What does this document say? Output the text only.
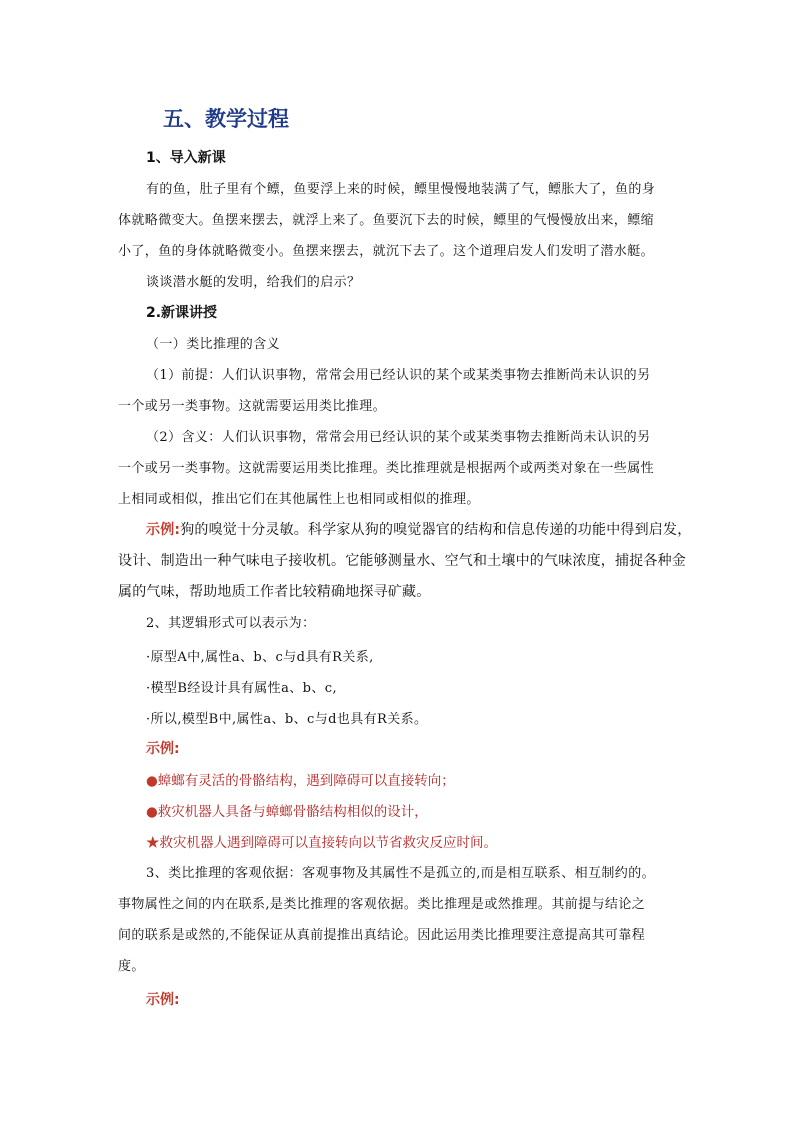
五、教学过程
1、导入新课
有的鱼，肚子里有个鳔，鱼要浮上来的时候，鳔里慢慢地装满了气，鳔胀大了，鱼的身
体就略微变大。鱼摆来摆去，就浮上来了。鱼要沉下去的时候，鳔里的气慢慢放出来，鳔缩
小了，鱼的身体就略微变小。鱼摆来摆去，就沉下去了。这个道理启发人们发明了潜水艇。
谈谈潜水艇的发明，给我们的启示？
2.新课讲授
（一）类比推理的含义
（1）前提：人们认识事物，常常会用已经认识的某个或某类事物去推断尚未认识的另
一个或另一类事物。这就需要运用类比推理。
（2）含义：人们认识事物，常常会用已经认识的某个或某类事物去推断尚未认识的另
一个或另一类事物。这就需要运用类比推理。类比推理就是根据两个或两类对象在一些属性
上相同或相似，推出它们在其他属性上也相同或相似的推理。
示例:狗的嗅觉十分灵敏。科学家从狗的嗅觉器官的结构和信息传递的功能中得到启发，
设计、制造出一种气味电子接收机。它能够测量水、空气和土壤中的气味浓度，捕捉各种金
属的气味，帮助地质工作者比较精确地探寻矿藏。
2、其逻辑形式可以表示为：
·原型A中,属性a、b、c与d具有R关系,
·模型B经设计具有属性a、b、c,
·所以,模型B中,属性a、b、c与d也具有R关系。
示例:
●蟑螂有灵活的骨骼结构，遇到障碍可以直接转向；
●救灾机器人具备与蟑螂骨骼结构相似的设计，
★救灾机器人遇到障碍可以直接转向以节省救灾反应时间。
3、类比推理的客观依据：客观事物及其属性不是孤立的,而是相互联系、相互制约的。
事物属性之间的内在联系,是类比推理的客观依据。类比推理是或然推理。其前提与结论之
间的联系是或然的,不能保证从真前提推出真结论。因此运用类比推理要注意提高其可靠程
度。
示例:
